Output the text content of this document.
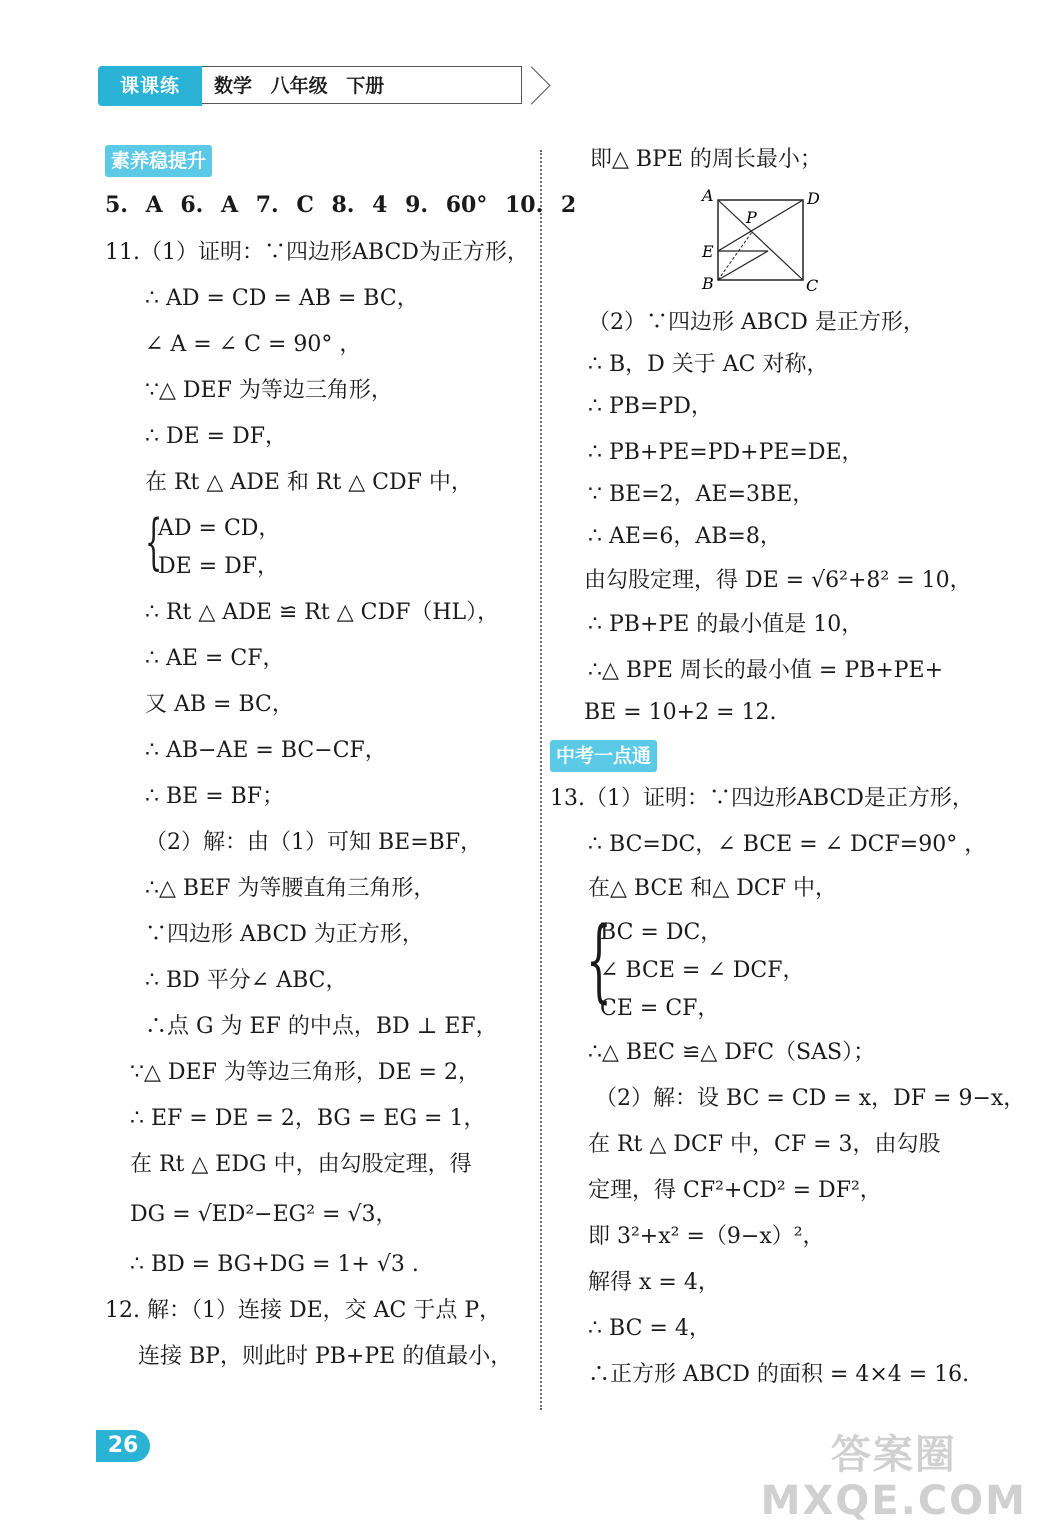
课课练	数学 八年级 下册
素养稳提升
5. A 6. A 7. C 8. 4 9. 60° 10. 2
11.（1）证明：∵四边形ABCD为正方形，
∴ AD = CD = AB = BC，
∠ A = ∠ C = 90° ，
∵△ DEF 为等边三角形，
∴ DE = DF，
在 Rt △ ADE 和 Rt △ CDF 中，
{
AD = CD，
DE = DF，
∴ Rt △ ADE ≌ Rt △ CDF（HL），
∴ AE = CF，
又 AB = BC，
∴ AB−AE = BC−CF，
∴ BE = BF；
（2）解：由（1）可知 BE=BF，
∴△ BEF 为等腰直角三角形，
∵四边形 ABCD 为正方形，
∴ BD 平分∠ ABC，
∴点 G 为 EF 的中点，BD ⊥ EF，
∵△ DEF 为等边三角形，DE = 2，
∴ EF = DE = 2，BG = EG = 1，
在 Rt △ EDG 中，由勾股定理，得
DG = √ED²−EG² = √3，
∴ BD = BG+DG = 1+ √3 .
12. 解：（1）连接 DE，交 AC 于点 P，
连接 BP，则此时 PB+PE 的值最小，
即△ BPE 的周长最小；
A	D
P
E
B	C
（2）∵四边形 ABCD 是正方形，
∴ B，D 关于 AC 对称，
∴ PB=PD，
∴ PB+PE=PD+PE=DE，
∵ BE=2，AE=3BE，
∴ AE=6，AB=8，
由勾股定理，得 DE = √6²+8² = 10，
∴ PB+PE 的最小值是 10，
∴△ BPE 周长的最小值 = PB+PE+
BE = 10+2 = 12.
中考一点通
13.（1）证明：∵四边形ABCD是正方形，
∴ BC=DC，∠ BCE = ∠ DCF=90° ，
在△ BCE 和△ DCF 中，
{
BC = DC，
∠ BCE = ∠ DCF，
CE = CF，
∴△ BEC ≌△ DFC（SAS）；
（2）解：设 BC = CD = x，DF = 9−x，
在 Rt △ DCF 中，CF = 3，由勾股
定理，得 CF²+CD² = DF²，
即 3²+x² =（9−x）²，
解得 x = 4，
∴ BC = 4，
∴正方形 ABCD 的面积 = 4×4 = 16.
26	答案圈
MXQE.COM
